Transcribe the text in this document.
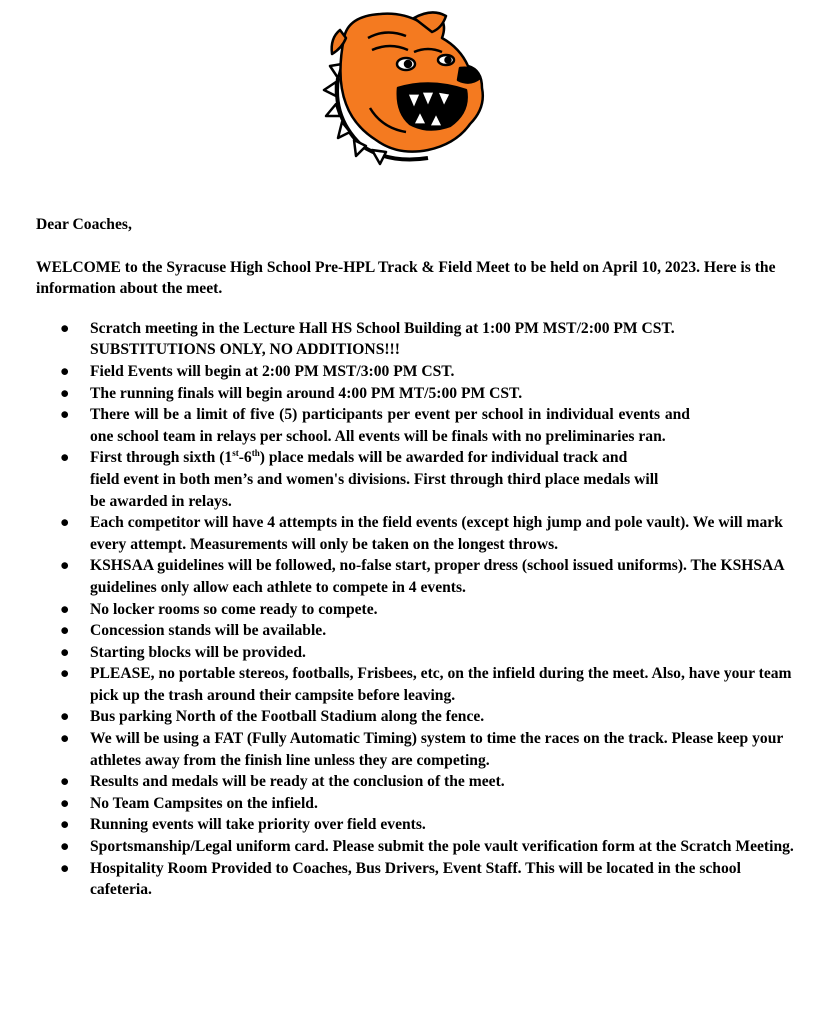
Dear Coaches,

WELCOME to the Syracuse High School Pre-HPL Track & Field Meet to be held on April 10, 2023. Here is the information about the meet.

●	Scratch meeting in the Lecture Hall HS School Building at 1:00 PM MST/2:00 PM CST. SUBSTITUTIONS ONLY, NO ADDITIONS!!!
●	Field Events will begin at 2:00 PM MST/3:00 PM CST.
●	The running finals will begin around 4:00 PM MT/5:00 PM CST.
●	There will be a limit of five (5) participants per event per school in individual events and one school team in relays per school. All events will be finals with no preliminaries ran.
●	First through sixth (1st-6th) place medals will be awarded for individual track and field event in both men’s and women's divisions. First through third place medals will be awarded in relays.
●	Each competitor will have 4 attempts in the field events (except high jump and pole vault). We will mark every attempt. Measurements will only be taken on the longest throws.
●	KSHSAA guidelines will be followed, no-false start, proper dress (school issued uniforms). The KSHSAA guidelines only allow each athlete to compete in 4 events.
●	No locker rooms so come ready to compete.
●	Concession stands will be available.
●	Starting blocks will be provided.
●	PLEASE, no portable stereos, footballs, Frisbees, etc, on the infield during the meet. Also, have your team pick up the trash around their campsite before leaving.
●	Bus parking North of the Football Stadium along the fence.
●	We will be using a FAT (Fully Automatic Timing) system to time the races on the track. Please keep your athletes away from the finish line unless they are competing.
●	Results and medals will be ready at the conclusion of the meet.
●	No Team Campsites on the infield.
●	Running events will take priority over field events.
●	Sportsmanship/Legal uniform card. Please submit the pole vault verification form at the Scratch Meeting.
●	Hospitality Room Provided to Coaches, Bus Drivers, Event Staff. This will be located in the school cafeteria.
